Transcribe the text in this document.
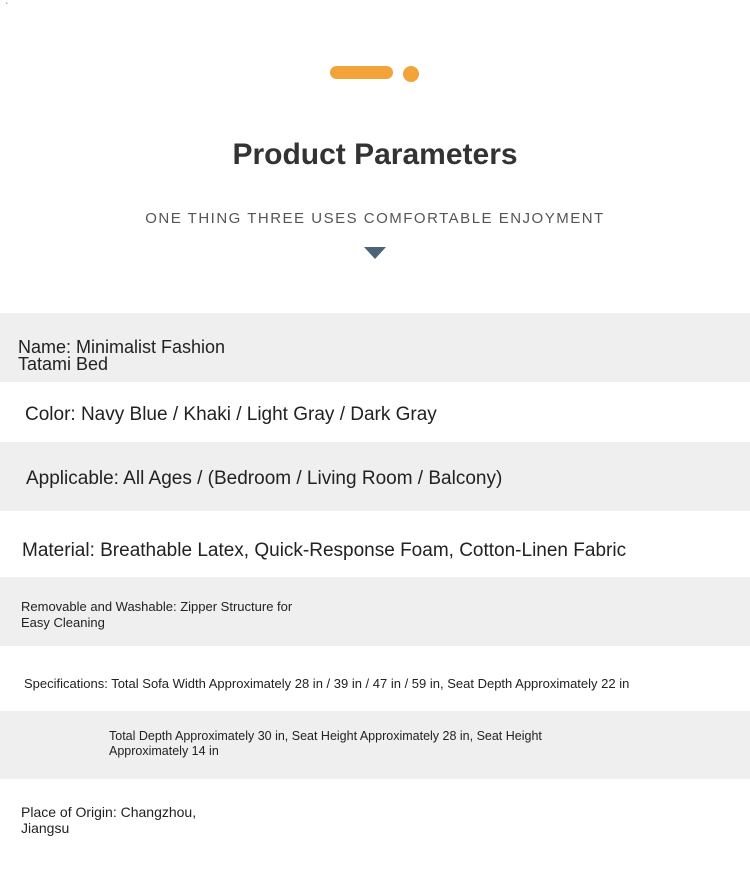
`
Product Parameters
ONE THING THREE USES COMFORTABLE ENJOYMENT
Name: Minimalist Fashion
Tatami Bed
Color: Navy Blue / Khaki / Light Gray / Dark Gray
Applicable: All Ages / (Bedroom / Living Room / Balcony)
Material: Breathable Latex, Quick-Response Foam, Cotton-Linen Fabric
Removable and Washable: Zipper Structure for
Easy Cleaning
Specifications: Total Sofa Width Approximately 28 in / 39 in / 47 in / 59 in, Seat Depth Approximately 22 in
Total Depth Approximately 30 in, Seat Height Approximately 28 in, Seat Height
Approximately 14 in
Place of Origin: Changzhou,
Jiangsu
